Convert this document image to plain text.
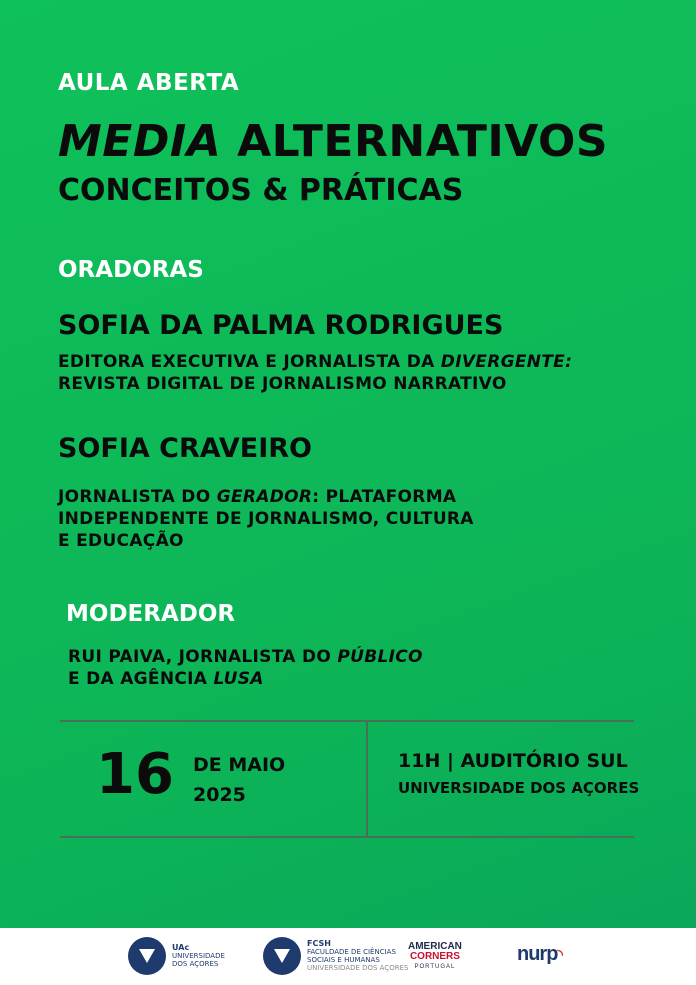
AULA ABERTA
MEDIA ALTERNATIVOS
CONCEITOS & PRÁTICAS
ORADORAS
SOFIA DA PALMA RODRIGUES
EDITORA EXECUTIVA E JORNALISTA DA DIVERGENTE:
REVISTA DIGITAL DE JORNALISMO NARRATIVO
SOFIA CRAVEIRO
JORNALISTA DO GERADOR: PLATAFORMA
INDEPENDENTE DE JORNALISMO, CULTURA
E EDUCAÇÃO
MODERADOR
RUI PAIVA, JORNALISTA DO PÚBLICO
E DA AGÊNCIA LUSA
16 DE MAIO
2025
11H | AUDITÓRIO SUL
UNIVERSIDADE DOS AÇORES
UAc
UNIVERSIDADE
DOS AÇORES
FCSH
FACULDADE DE CIÊNCIAS
SOCIAIS E HUMANAS
UNIVERSIDADE DOS AÇORES
AMERICAN
CORNERS
PORTUGAL
nurp ◝
